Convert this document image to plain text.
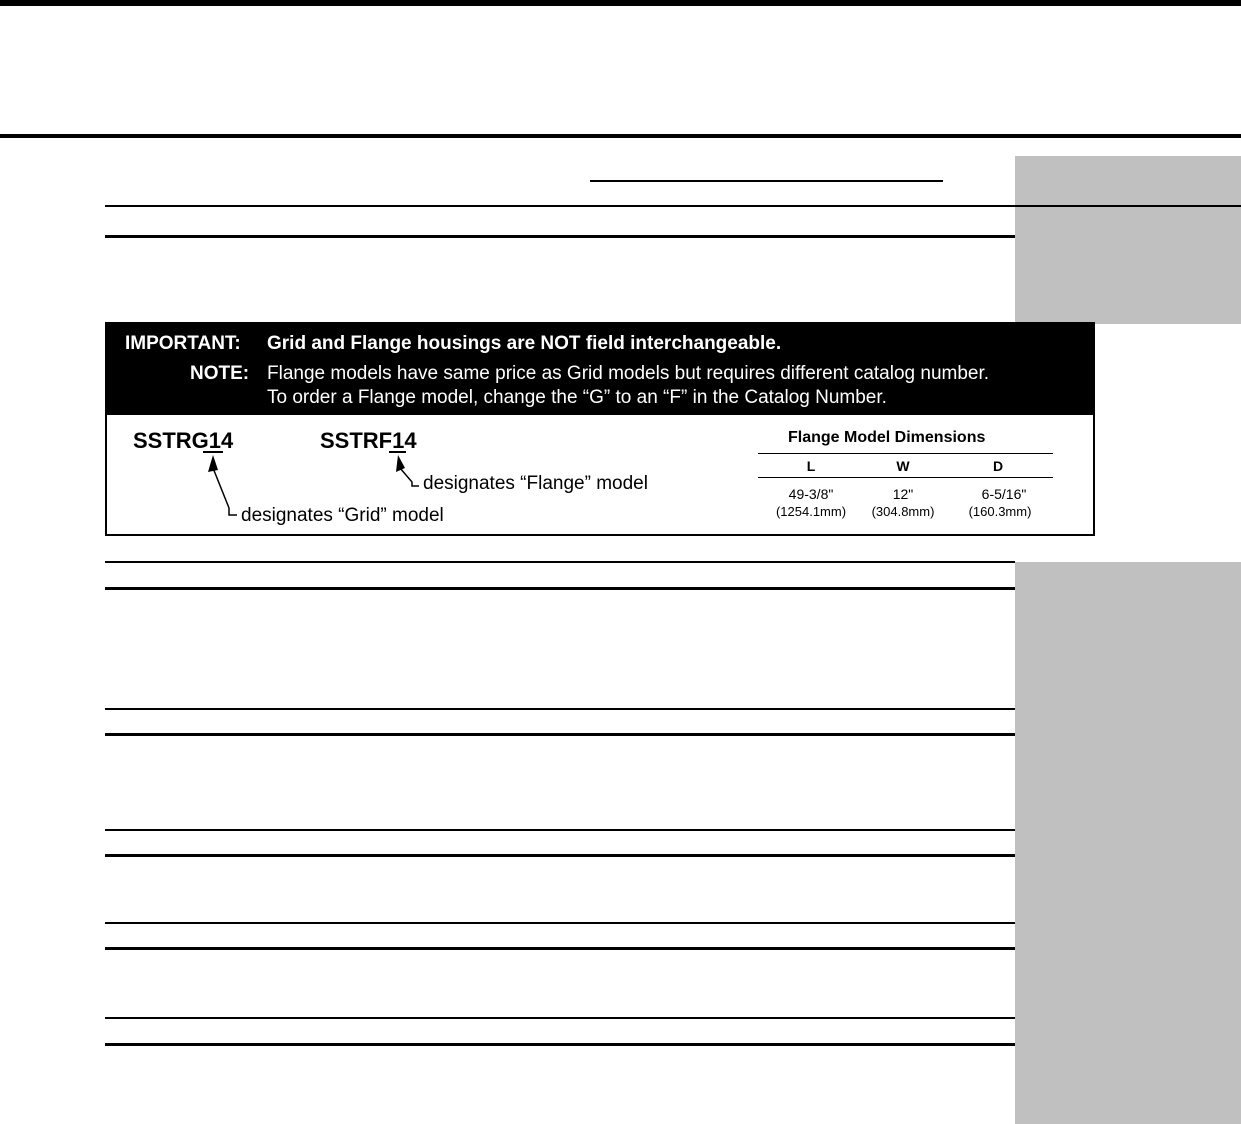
IMPORTANT: Grid and Flange housings are NOT field interchangeable.
NOTE: Flange models have same price as Grid models but requires different catalog number.
To order a Flange model, change the “G” to an “F” in the Catalog Number.
SSTRG14	SSTRF14
designates “Flange” model
designates “Grid” model
Flange Model Dimensions
L	W	D
49-3/8"	12"	6-5/16"
(1254.1mm)	(304.8mm)	(160.3mm)
